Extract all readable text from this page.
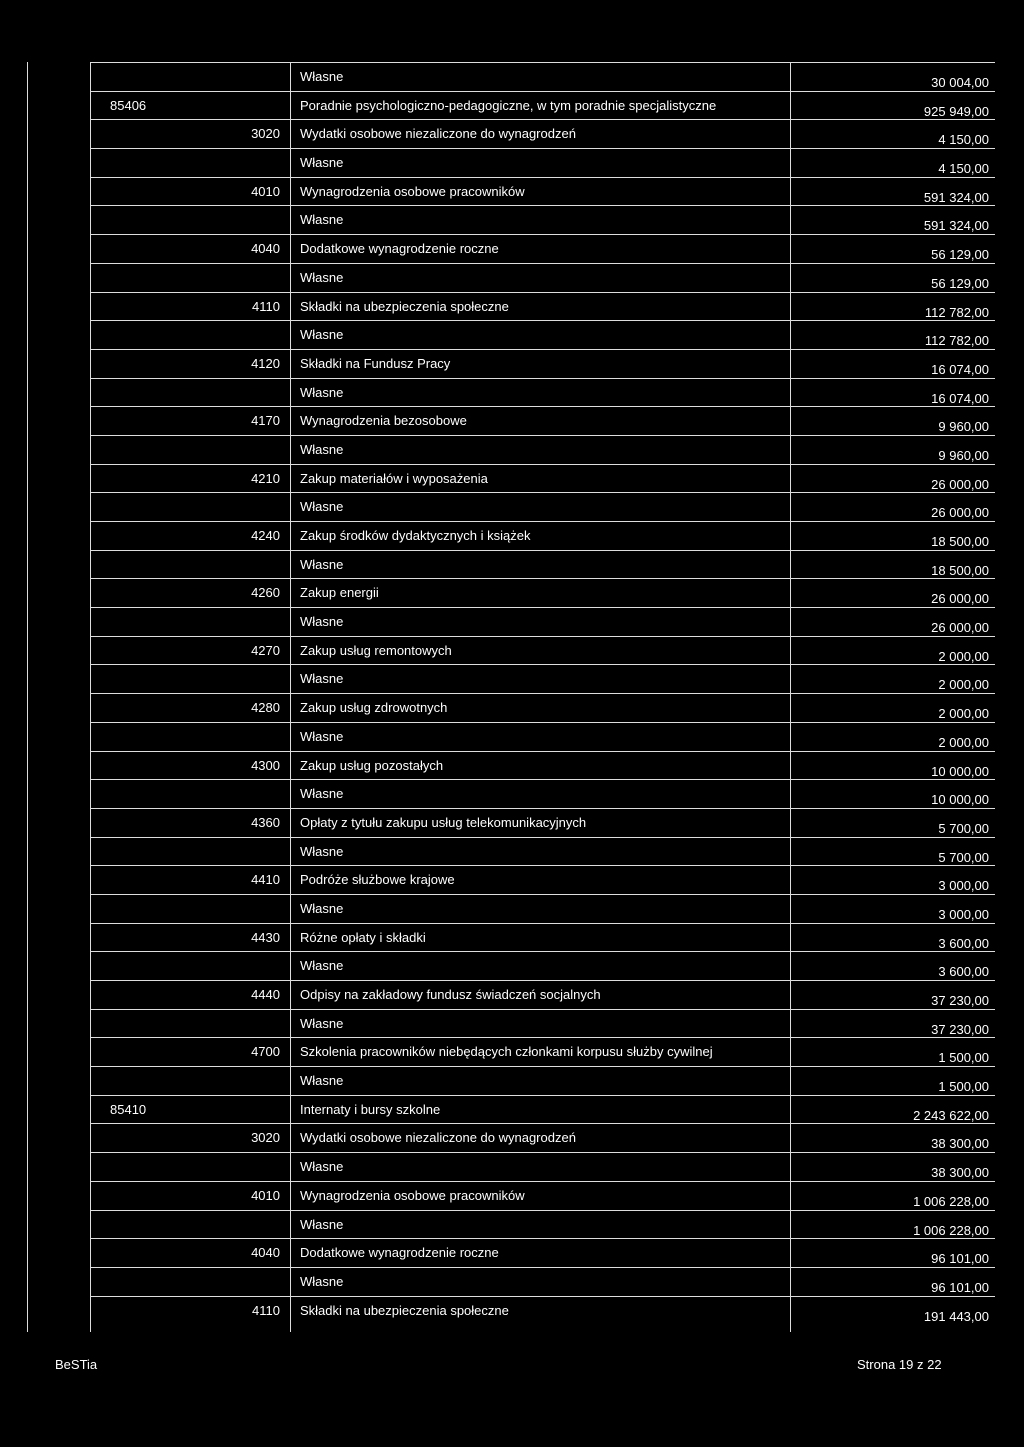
Własne	30 004,00
85406	Poradnie psychologiczno-pedagogiczne, w tym poradnie specjalistyczne	925 949,00
3020 Wydatki osobowe niezaliczone do wynagrodzeń	4 150,00
Własne	4 150,00
4010 Wynagrodzenia osobowe pracowników	591 324,00
Własne	591 324,00
4040 Dodatkowe wynagrodzenie roczne	56 129,00
Własne	56 129,00
4110 Składki na ubezpieczenia społeczne	112 782,00
Własne	112 782,00
4120 Składki na Fundusz Pracy	16 074,00
Własne	16 074,00
4170 Wynagrodzenia bezosobowe	9 960,00
Własne	9 960,00
4210 Zakup materiałów i wyposażenia	26 000,00
Własne	26 000,00
4240 Zakup środków dydaktycznych i książek	18 500,00
Własne	18 500,00
4260 Zakup energii	26 000,00
Własne	26 000,00
4270 Zakup usług remontowych	2 000,00
Własne	2 000,00
4280 Zakup usług zdrowotnych	2 000,00
Własne	2 000,00
4300 Zakup usług pozostałych	10 000,00
Własne	10 000,00
4360 Opłaty z tytułu zakupu usług telekomunikacyjnych	5 700,00
Własne	5 700,00
4410 Podróże służbowe krajowe	3 000,00
Własne	3 000,00
4430 Różne opłaty i składki	3 600,00
Własne	3 600,00
4440 Odpisy na zakładowy fundusz świadczeń socjalnych	37 230,00
Własne	37 230,00
4700 Szkolenia pracowników niebędących członkami korpusu służby cywilnej	1 500,00
Własne	1 500,00
85410	Internaty i bursy szkolne	2 243 622,00
3020 Wydatki osobowe niezaliczone do wynagrodzeń	38 300,00
Własne	38 300,00
4010 Wynagrodzenia osobowe pracowników	1 006 228,00
Własne	1 006 228,00
4040 Dodatkowe wynagrodzenie roczne	96 101,00
Własne	96 101,00
4110 Składki na ubezpieczenia społeczne	191 443,00
BeSTia	Strona 19 z 22
